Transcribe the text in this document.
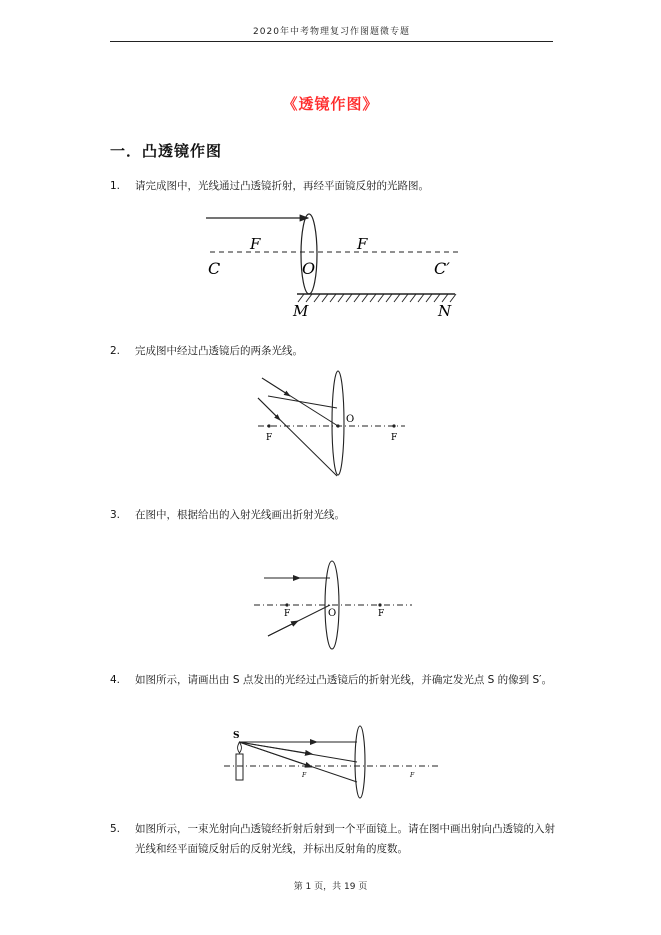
2020年中考物理复习作图题微专题
《透镜作图》
一．凸透镜作图
1.	请完成图中，光线通过凸透镜折射，再经平面镜反射的光路图。
F	F
C	O	C′
M	N
2.	完成图中经过凸透镜后的两条光线。
O
F	F
3.	在图中，根据给出的入射光线画出折射光线。
O
F	F
4.	如图所示，请画出由 S 点发出的光经过凸透镜后的折射光线，并确定发光点 S 的像到 S′。
S
F	F
5.	如图所示，一束光射向凸透镜经折射后射到一个平面镜上。请在图中画出射向凸透镜的入射光线和经平面镜反射后的反射光线，并标出反射角的度数。
第 1 页，共 19 页
